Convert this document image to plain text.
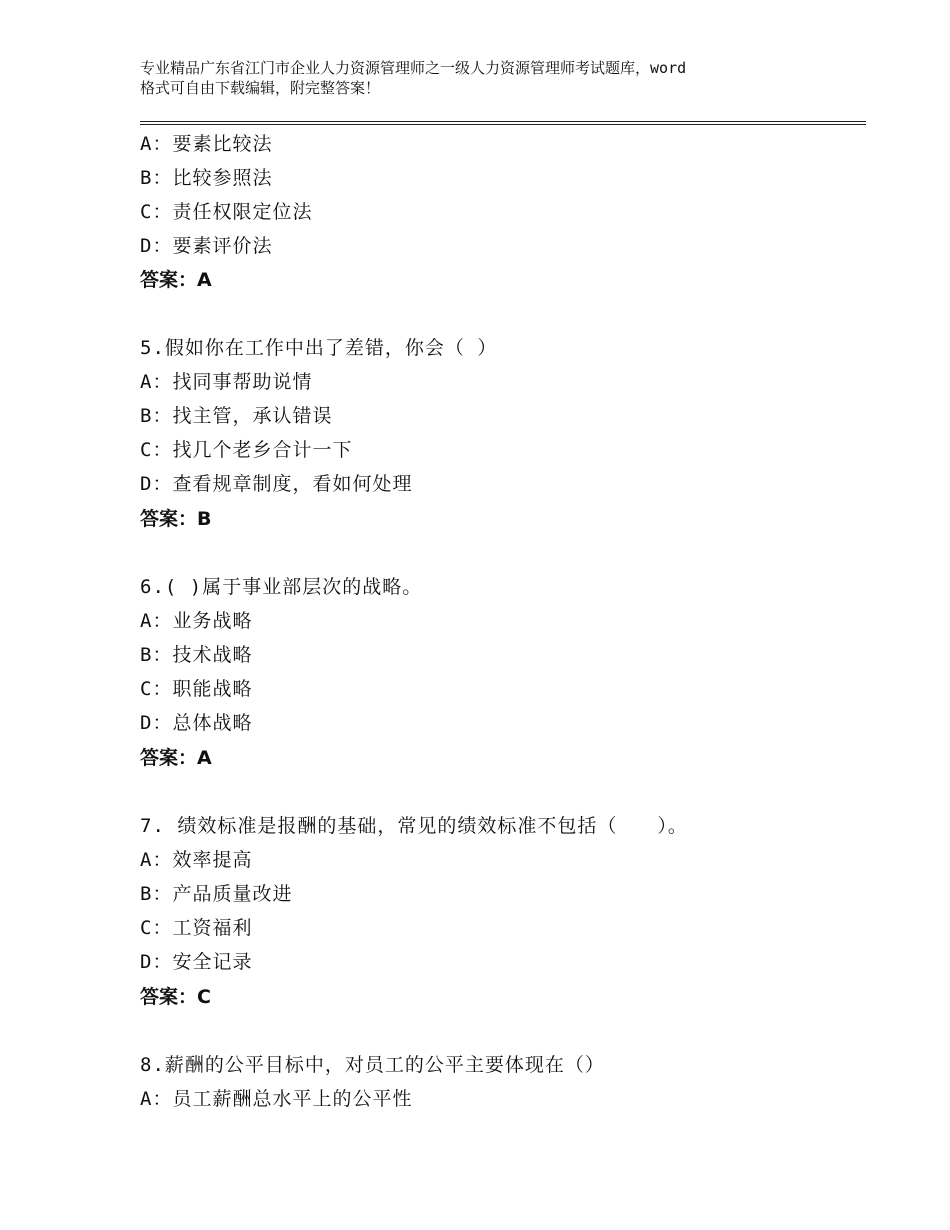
专业精品广东省江门市企业人力资源管理师之一级人力资源管理师考试题库，word
格式可自由下载编辑，附完整答案！
A：要素比较法
B：比较参照法
C：责任权限定位法
D：要素评价法
答案：A
5.假如你在工作中出了差错，你会（ ）
A：找同事帮助说情
B：找主管，承认错误
C：找几个老乡合计一下
D：查看规章制度，看如何处理
答案：B
6.( )属于事业部层次的战略。
A：业务战略
B：技术战略
C：职能战略
D：总体战略
答案：A
7. 绩效标准是报酬的基础，常见的绩效标准不包括（　　）。
A：效率提高
B：产品质量改进
C：工资福利
D：安全记录
答案：C
8.薪酬的公平目标中，对员工的公平主要体现在（）
A：员工薪酬总水平上的公平性
